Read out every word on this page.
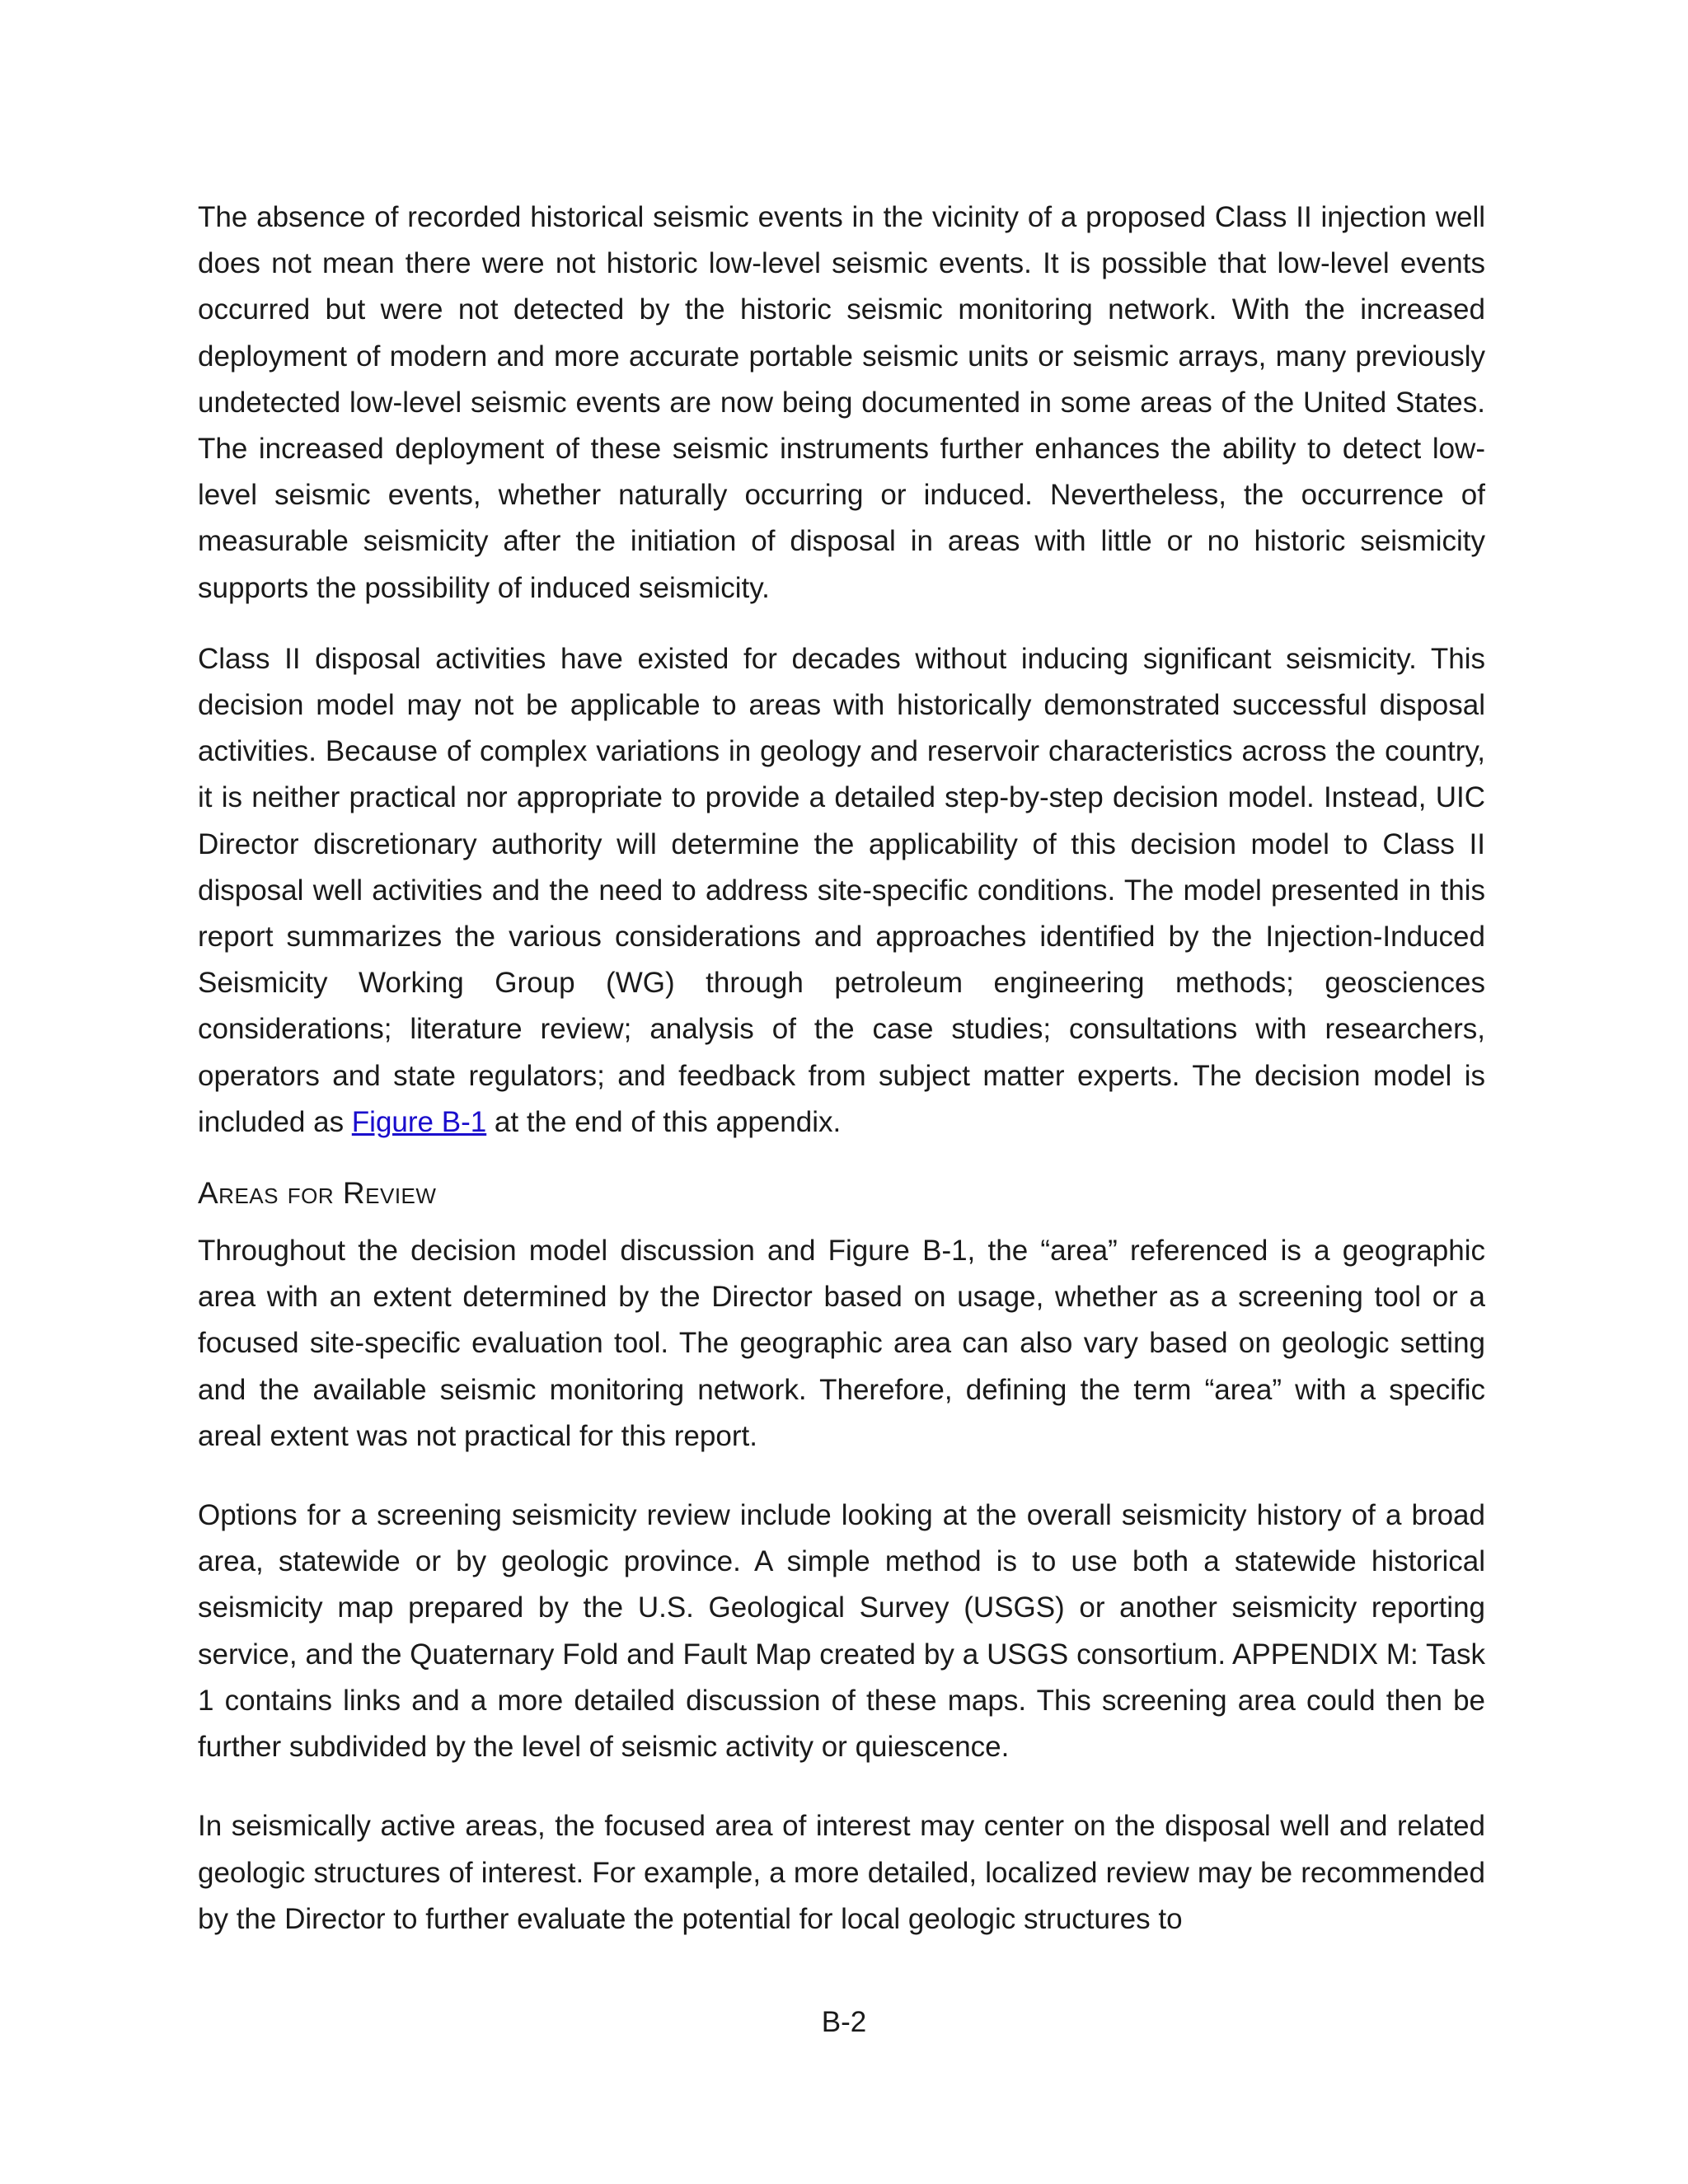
The absence of recorded historical seismic events in the vicinity of a proposed Class II injection well does not mean there were not historic low-level seismic events. It is possible that low-level events occurred but were not detected by the historic seismic monitoring network. With the increased deployment of modern and more accurate portable seismic units or seismic arrays, many previously undetected low-level seismic events are now being documented in some areas of the United States. The increased deployment of these seismic instruments further enhances the ability to detect low-level seismic events, whether naturally occurring or induced. Nevertheless, the occurrence of measurable seismicity after the initiation of disposal in areas with little or no historic seismicity supports the possibility of induced seismicity.

Class II disposal activities have existed for decades without inducing significant seismicity. This decision model may not be applicable to areas with historically demonstrated successful disposal activities. Because of complex variations in geology and reservoir characteristics across the country, it is neither practical nor appropriate to provide a detailed step-by-step decision model. Instead, UIC Director discretionary authority will determine the applicability of this decision model to Class II disposal well activities and the need to address site-specific conditions. The model presented in this report summarizes the various considerations and approaches identified by the Injection-Induced Seismicity Working Group (WG) through petroleum engineering methods; geosciences considerations; literature review; analysis of the case studies; consultations with researchers, operators and state regulators; and feedback from subject matter experts. The decision model is included as Figure B-1 at the end of this appendix.

Areas for Review

Throughout the decision model discussion and Figure B-1, the “area” referenced is a geographic area with an extent determined by the Director based on usage, whether as a screening tool or a focused site-specific evaluation tool. The geographic area can also vary based on geologic setting and the available seismic monitoring network. Therefore, defining the term “area” with a specific areal extent was not practical for this report.

Options for a screening seismicity review include looking at the overall seismicity history of a broad area, statewide or by geologic province. A simple method is to use both a statewide historical seismicity map prepared by the U.S. Geological Survey (USGS) or another seismicity reporting service, and the Quaternary Fold and Fault Map created by a USGS consortium. APPENDIX M: Task 1 contains links and a more detailed discussion of these maps. This screening area could then be further subdivided by the level of seismic activity or quiescence.

In seismically active areas, the focused area of interest may center on the disposal well and related geologic structures of interest. For example, a more detailed, localized review may be recommended by the Director to further evaluate the potential for local geologic structures to

B-2
